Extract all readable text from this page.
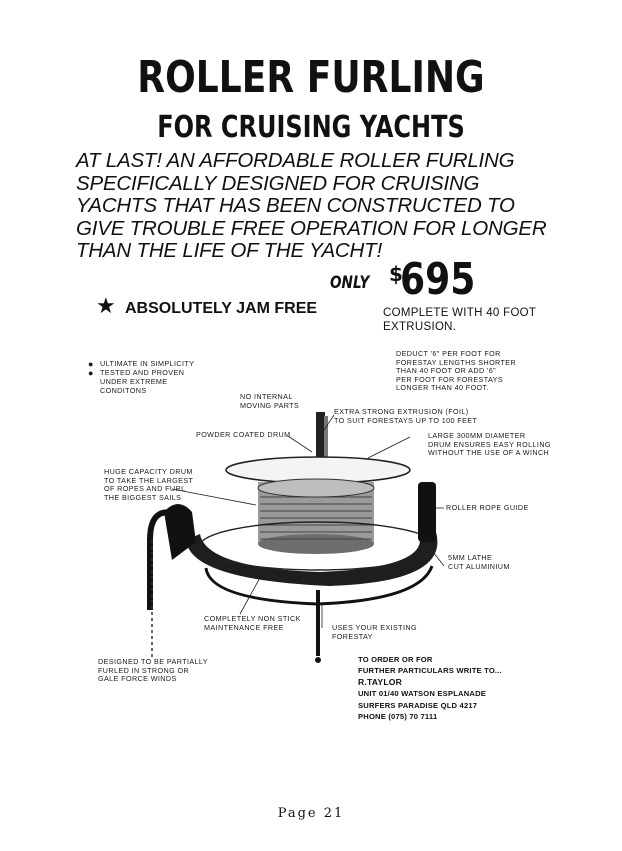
ROLLER FURLING
FOR CRUISING YACHTS
AT LAST! AN AFFORDABLE ROLLER FURLING
SPECIFICALLY DESIGNED FOR CRUISING
YACHTS THAT HAS BEEN CONSTRUCTED TO
GIVE TROUBLE FREE OPERATION FOR LONGER
THAN THE LIFE OF THE YACHT!
ONLY $
695
★ ABSOLUTELY JAM FREE	COMPLETE WITH 40 FOOT
EXTRUSION.
● ULTIMATE IN SIMPLICITY
● TESTED AND PROVEN
UNDER EXTREME
CONDITONS
DEDUCT '6" PER FOOT FOR
FORESTAY LENGTHS SHORTER
THAN 40 FOOT OR ADD '6"
PER FOOT FOR FORESTAYS
LONGER THAN 40 FOOT.
NO INTERNAL
MOVING PARTS
EXTRA STRONG EXTRUSION (FOIL)
TO SUIT FORESTAYS UP TO 100 FEET
POWDER COATED DRUM	LARGE 300MM DIAMETER
DRUM ENSURES EASY ROLLING
WITHOUT THE USE OF A WINCH
HUGE CAPACITY DRUM
TO TAKE THE LARGEST
OF ROPES AND FURL
THE BIGGEST SAILS
ROLLER ROPE GUIDE
5MM LATHE
CUT ALUMINIUM
COMPLETELY NON STICK
MAINTENANCE FREE	USES YOUR EXISTING
FORESTAY
DESIGNED TO BE PARTIALLY
FURLED IN STRONG OR
GALE FORCE WINDS
TO ORDER OR FOR
FURTHER PARTICULARS WRITE TO...
R.TAYLOR
UNIT 01/40 WATSON ESPLANADE
SURFERS PARADISE QLD 4217
PHONE (075) 70 7111
Page 21
